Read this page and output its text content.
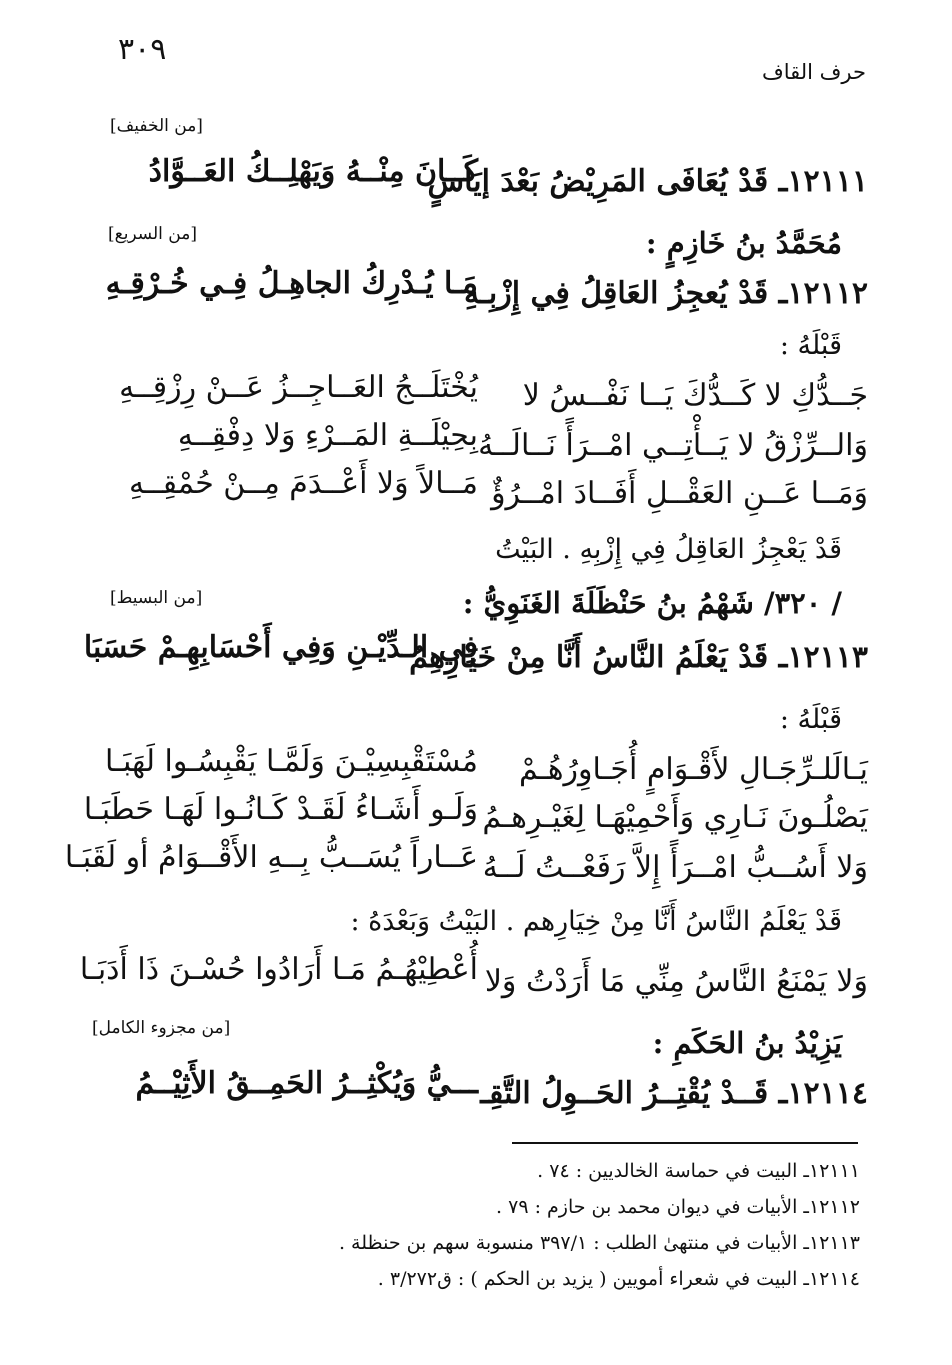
٣٠٩
حرف القاف
[من الخفيف]
١٢١١١ـ قَدْ يُعَافَى المَرِيْضُ بَعْدَ إيَاسٍ
كَــانَ مِنْــهُ وَيَهْلِــكُ العَــوَّادُ
مُحَمَّدُ بنُ خَازِمٍ :
[من السريع]
١٢١١٢ـ قَدْ يُعجِزُ العَاقِلُ فِي إِزْبِـهِ
مَـا يُـدْرِكُ الجاهِـلُ فِـي خُـرْقِـهِ
قَبْلَهُ :
جَــدُّكِ لا كَــدُّكَ يَــا نَفْــسُ لا
يُخْتَلَــجُ العَــاجِــزُ عَــنْ رِزْقِــهِ
وَالــرِّزْقُ لا يَــأْتِــي امْــرَأً نَــالَــهُ
بِحِيْلَــةِ المَــرْءِ وَلا دِفْقِــهِ
وَمَــا عَــنِ العَقْــلِ أَفَــادَ امْــرُؤٌ
مَــالاً وَلا أَعْــدَمَ مِــنْ حُمْقِــهِ
قَدْ يَعْجِزُ العَاقِلُ فِي إِزْبِهِ . البَيْتُ
/ ٣٢٠/ شَهْمُ بنُ حَنْظَلَةَ الغَنَوِيُّ :
[من البسيط]
١٢١١٣ـ قَدْ يَعْلَمُ النَّاسُ أَنَّا مِنْ خَيَارِهِمُ
فِي الـدِّيْـنِ وَفِي أَحْسَابِهِـمْ حَسَبَا
قَبْلَهُ :
يَـالَلـرِّجَـالِ لأَقْـوَامٍ أُجَـاوِرُهُـمْ
مُسْتَقْبِسِيْـنَ وَلَمَّـا يَقْبِسُـوا لَهَبَـا
يَصْلُـونَ نَـارِي وَأَحْمِيْهَـا لِغَيْـرِهـمُ
وَلَـو أَشَـاءُ لَقَـدْ كَـانُـوا لَهَـا حَطَبَـا
وَلا أَسُــبُّ امْــرَأً إِلاَّ رَفَعْــتُ لَــهُ
عَــاراً يُسَــبُّ بِــهِ الأَقْــوَامُ أو لَقَبَـا
قَدْ يَعْلَمُ النَّاسُ أَنَّا مِنْ خِيَارِهم . البَيْتُ وَبَعْدَهُ :
وَلا يَمْنَعُ النَّاسُ مِنِّي مَا أَرَدْتُ وَلا
أُعْطِيْهُـمُ مَـا أَرَادُوا حُسْـنَ ذَا أَدَبَـا
يَزِيْدُ بنُ الحَكَمِ :
[من مجزوء الكامل]
١٢١١٤ـ قَــدْ يُقْتِــرُ الحَــوِلُ التَّقِـ
ـــيُّ وَيُكْثِــرُ الحَمِــقُ الأَثِيْــمُ
١٢١١١ـ البيت في حماسة الخالديين : ٧٤ .
١٢١١٢ـ الأبيات في ديوان محمد بن حازم : ٧٩ .
١٢١١٣ـ الأبيات في منتهىٰ الطلب : ٣٩٧/١ منسوبة سهم بن حنظلة .
١٢١١٤ـ البيت في شعراء أمويين ( يزيد بن الحكم ) : ق٣/٢٧٢ .
